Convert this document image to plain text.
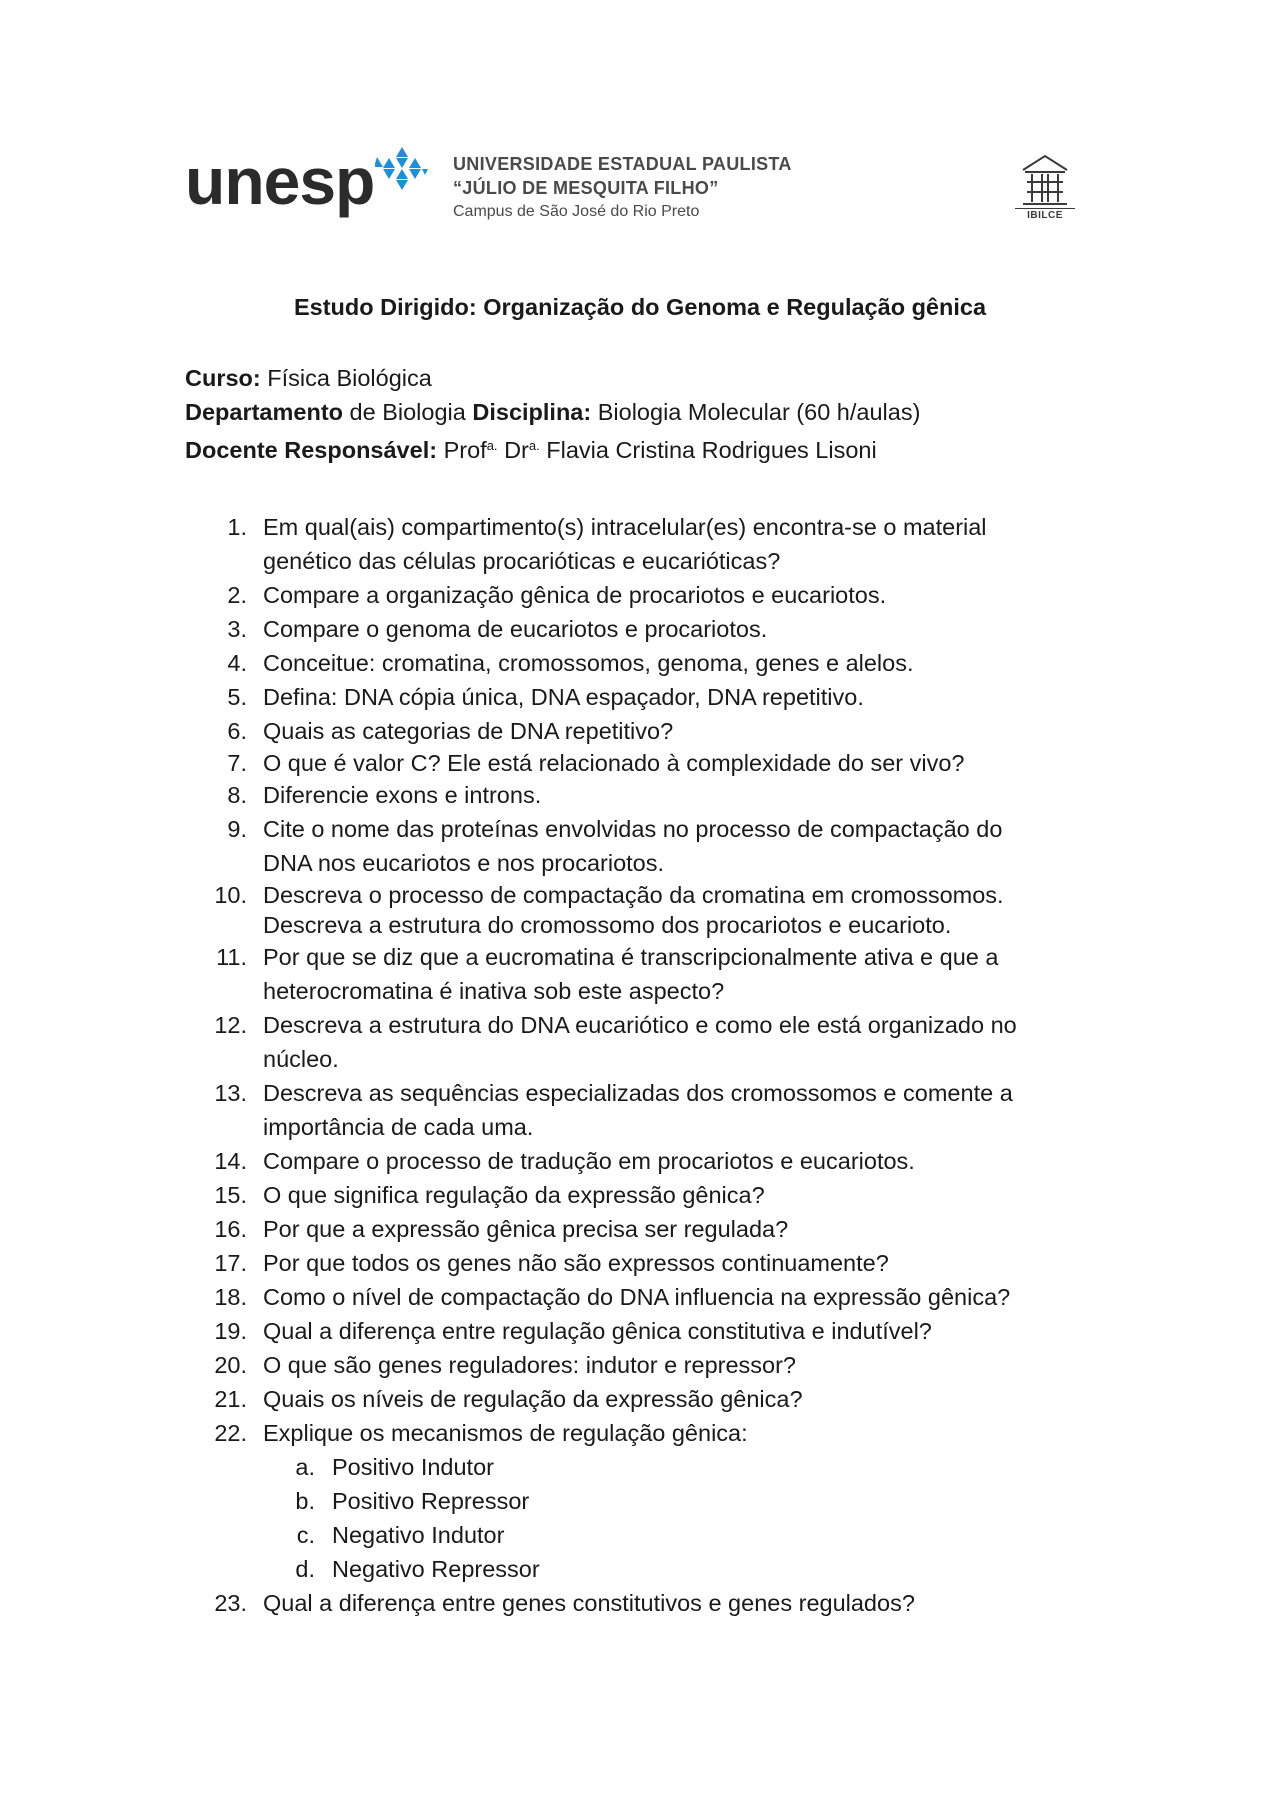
unesp	UNIVERSIDADE ESTADUAL PAULISTA
“JÚLIO DE MESQUITA FILHO”
Campus de São José do Rio Preto	IBILCE
Estudo Dirigido: Organização do Genoma e Regulação gênica
Curso: Física Biológica
Departamento de Biologia Disciplina: Biologia Molecular (60 h/aulas)
Docente Responsável: Prof$^{a.}$ $Dr^{a.}$ Flavia Cristina Rodrigues Lisoni
1. Em qual(ais) compartimento(s) intracelular(es) encontra-se o material
genético das células procarióticas e eucarióticas?
2. Compare a organização gênica de procariotos e eucariotos.
3. Compare o genoma de eucariotos e procariotos.
4. Conceitue: cromatina, cromossomos, genoma, genes e alelos.
5. Defina: DNA cópia única, DNA espaçador, DNA repetitivo.
6. Quais as categorias de DNA repetitivo?
7. O que é valor C? Ele está relacionado à complexidade do ser vivo?
8. Diferencie exons e introns.
9. Cite o nome das proteínas envolvidas no processo de compactação do
DNA nos eucariotos e nos procariotos.
10. Descreva o processo de compactação da cromatina em cromossomos.
Descreva a estrutura do cromossomo dos procariotos e eucarioto.
11. Por que se diz que a eucromatina é transcripcionalmente ativa e que a
heterocromatina é inativa sob este aspecto?
12. Descreva a estrutura do DNA eucariótico e como ele está organizado no
núcleo.
13. Descreva as sequências especializadas dos cromossomos e comente a
importância de cada uma.
14. Compare o processo de tradução em procariotos e eucariotos.
15. O que significa regulação da expressão gênica?
16. Por que a expressão gênica precisa ser regulada?
17. Por que todos os genes não são expressos continuamente?
18. Como o nível de compactação do DNA influencia na expressão gênica?
19. Qual a diferença entre regulação gênica constitutiva e indutível?
20. O que são genes reguladores: indutor e repressor?
21. Quais os níveis de regulação da expressão gênica?
22. Explique os mecanismos de regulação gênica:
a. Positivo Indutor
b. Positivo Repressor
c. Negativo Indutor
d. Negativo Repressor
23. Qual a diferença entre genes constitutivos e genes regulados?
